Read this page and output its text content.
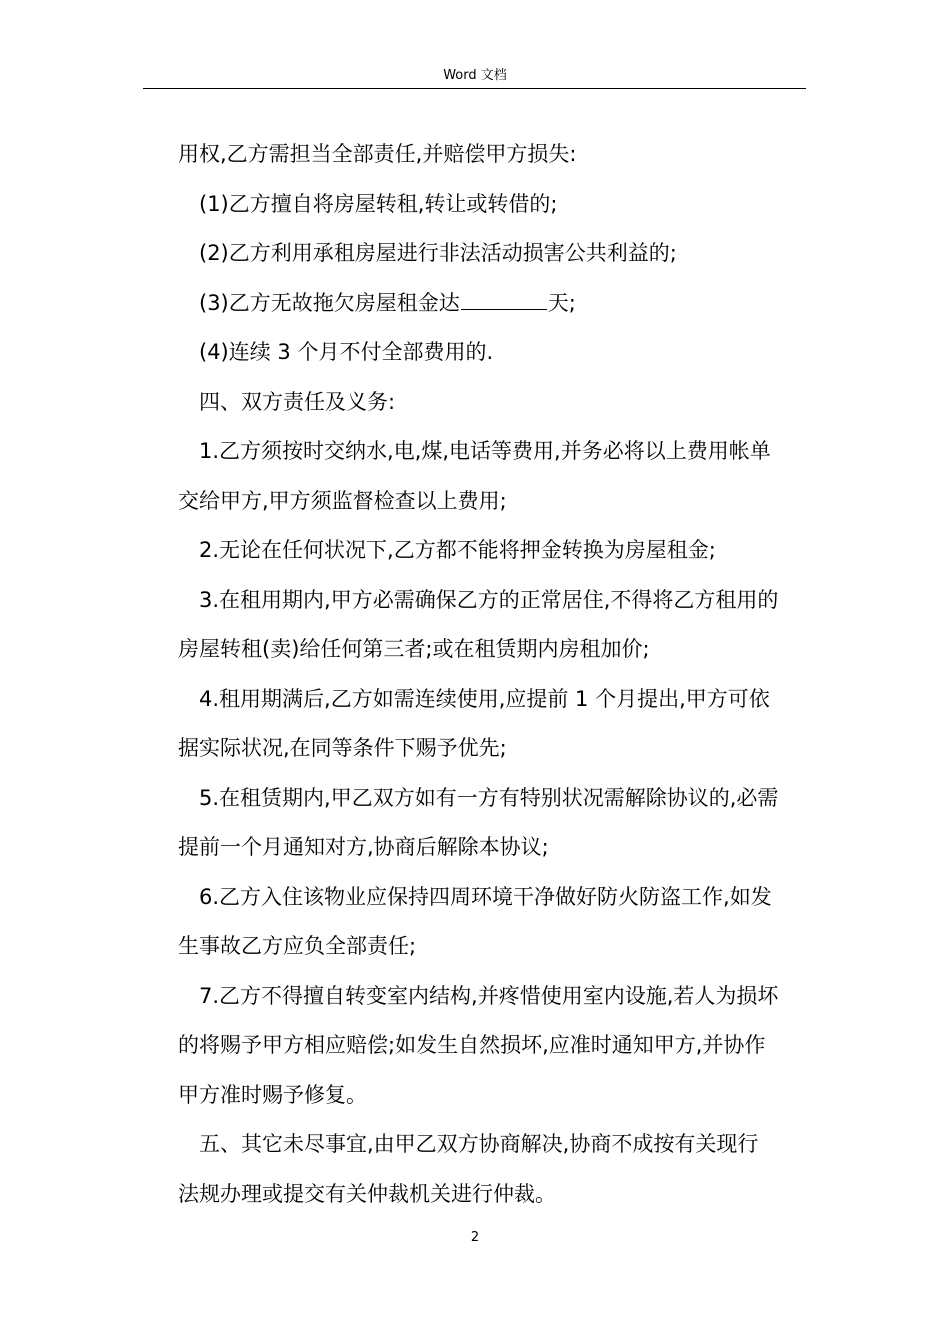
Word 文档

用权,乙方需担当全部责任,并赔偿甲方损失:

(1)乙方擅自将房屋转租,转让或转借的;

(2)乙方利用承租房屋进行非法活动损害公共利益的;

(3)乙方无故拖欠房屋租金达	天;

(4)连续 3 个月不付全部费用的.

四、双方责任及义务:

1.乙方须按时交纳水,电,煤,电话等费用,并务必将以上费用帐单

交给甲方,甲方须监督检查以上费用;

2.无论在任何状况下,乙方都不能将押金转换为房屋租金;

3.在租用期内,甲方必需确保乙方的正常居住,不得将乙方租用的

房屋转租(卖)给任何第三者;或在租赁期内房租加价;

4.租用期满后,乙方如需连续使用,应提前 1 个月提出,甲方可依

据实际状况,在同等条件下赐予优先;

5.在租赁期内,甲乙双方如有一方有特别状况需解除协议的,必需

提前一个月通知对方,协商后解除本协议;

6.乙方入住该物业应保持四周环境干净做好防火防盗工作,如发

生事故乙方应负全部责任;

7.乙方不得擅自转变室内结构,并疼惜使用室内设施,若人为损坏

的将赐予甲方相应赔偿;如发生自然损坏,应准时通知甲方,并协作

甲方准时赐予修复。

五、其它未尽事宜,由甲乙双方协商解决,协商不成按有关现行

法规办理或提交有关仲裁机关进行仲裁。

2
